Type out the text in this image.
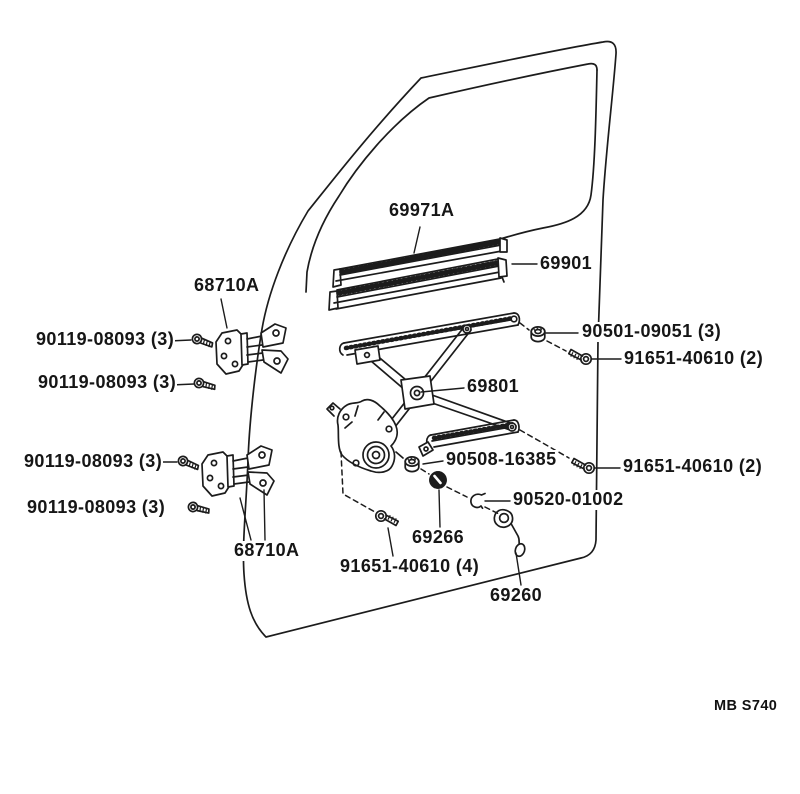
69971A
69901
68710A
90119-08093 (3)
90119-08093 (3)
90501-09051 (3)
91651-40610 (2)
69801
90119-08093 (3)	90508-16385	91651-40610 (2)
90119-08093 (3)	90520-01002
69266
68710A
91651-40610 (4)
69260
MB S740
